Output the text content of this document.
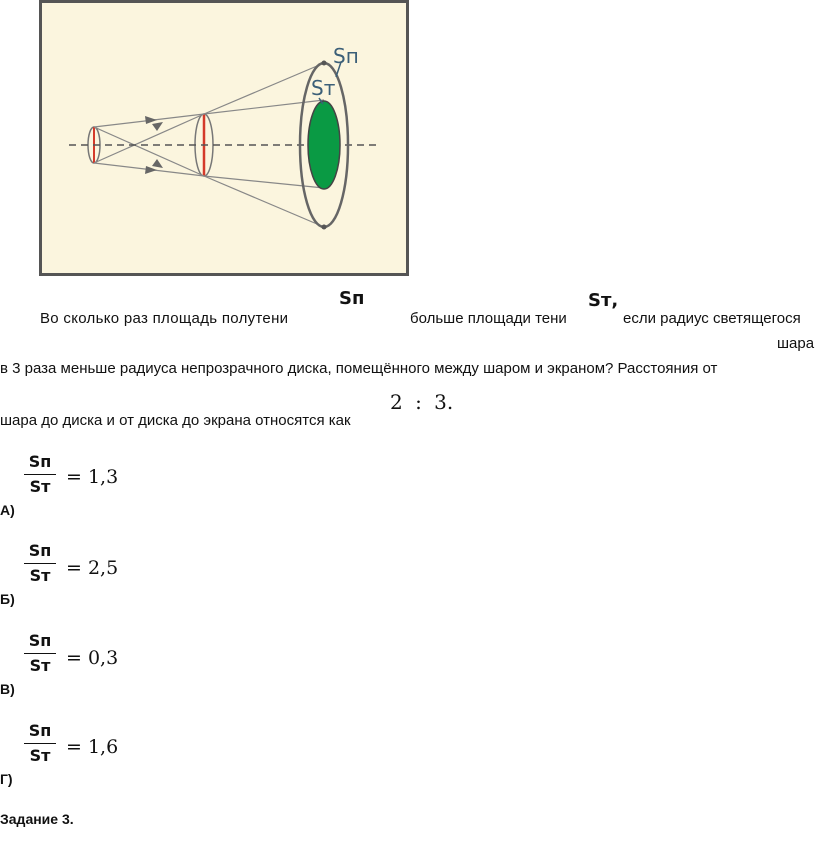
Sп
Sт
Во сколько раз площадь полутени
Sп
больше площади тени
Sт,
если радиус светящегося
шара
в 3 раза меньше радиуса непрозрачного диска, помещённого между шаром и экраном? Расстояния от
шара до диска и от диска до экрана относятся как
2 : 3.
А)
Sп
Sт = 1,3
Б)
Sп
Sт = 2,5
В)
Sп
Sт = 0,3
Г)
Sп
Sт = 1,6
Задание 3.
